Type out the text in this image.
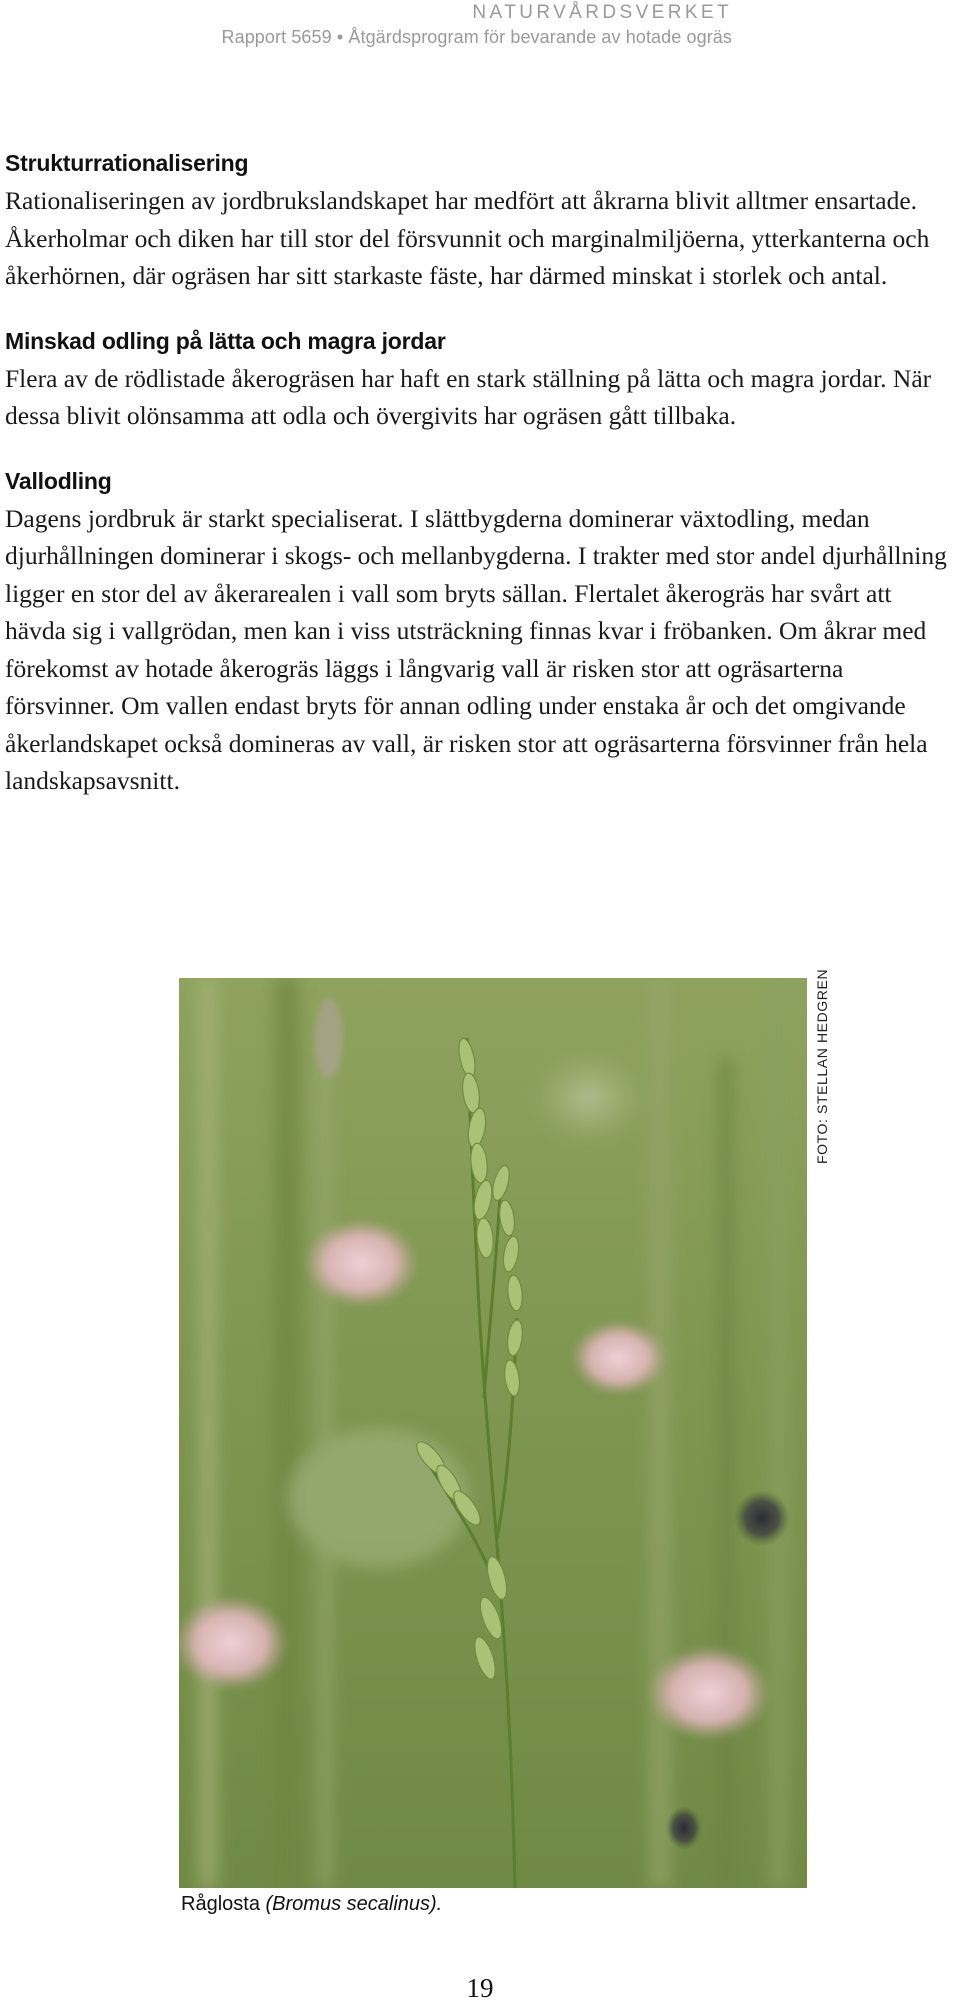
NATURVÅRDSVERKET
Rapport 5659 • Åtgärdsprogram för bevarande av hotade ogräs
Strukturrationalisering

Rationaliseringen av jordbrukslandskapet har medfört att åkrarna blivit alltmer ensartade. Åkerholmar och diken har till stor del försvunnit och marginalmiljöerna, ytterkanterna och åkerhörnen, där ogräsen har sitt starkaste fäste, har därmed minskat i storlek och antal.

Minskad odling på lätta och magra jordar

Flera av de rödlistade åkerogräsen har haft en stark ställning på lätta och magra jordar. När dessa blivit olönsamma att odla och övergivits har ogräsen gått tillbaka.

Vallodling

Dagens jordbruk är starkt specialiserat. I slättbygderna dominerar växtodling, medan djurhållningen dominerar i skogs- och mellanbygderna. I trakter med stor andel djurhållning ligger en stor del av åkerarealen i vall som bryts sällan. Flertalet åkerogräs har svårt att hävda sig i vallgrödan, men kan i viss utsträckning finnas kvar i fröbanken. Om åkrar med förekomst av hotade åkerogräs läggs i långvarig vall är risken stor att ogräsarterna försvinner. Om vallen endast bryts för annan odling under enstaka år och det omgivande åkerlandskapet också domineras av vall, är risken stor att ogräsarterna försvinner från hela landskapsavsnitt.

FOTO: STELLAN HEDGREN
Råglosta (Bromus secalinus).
19
